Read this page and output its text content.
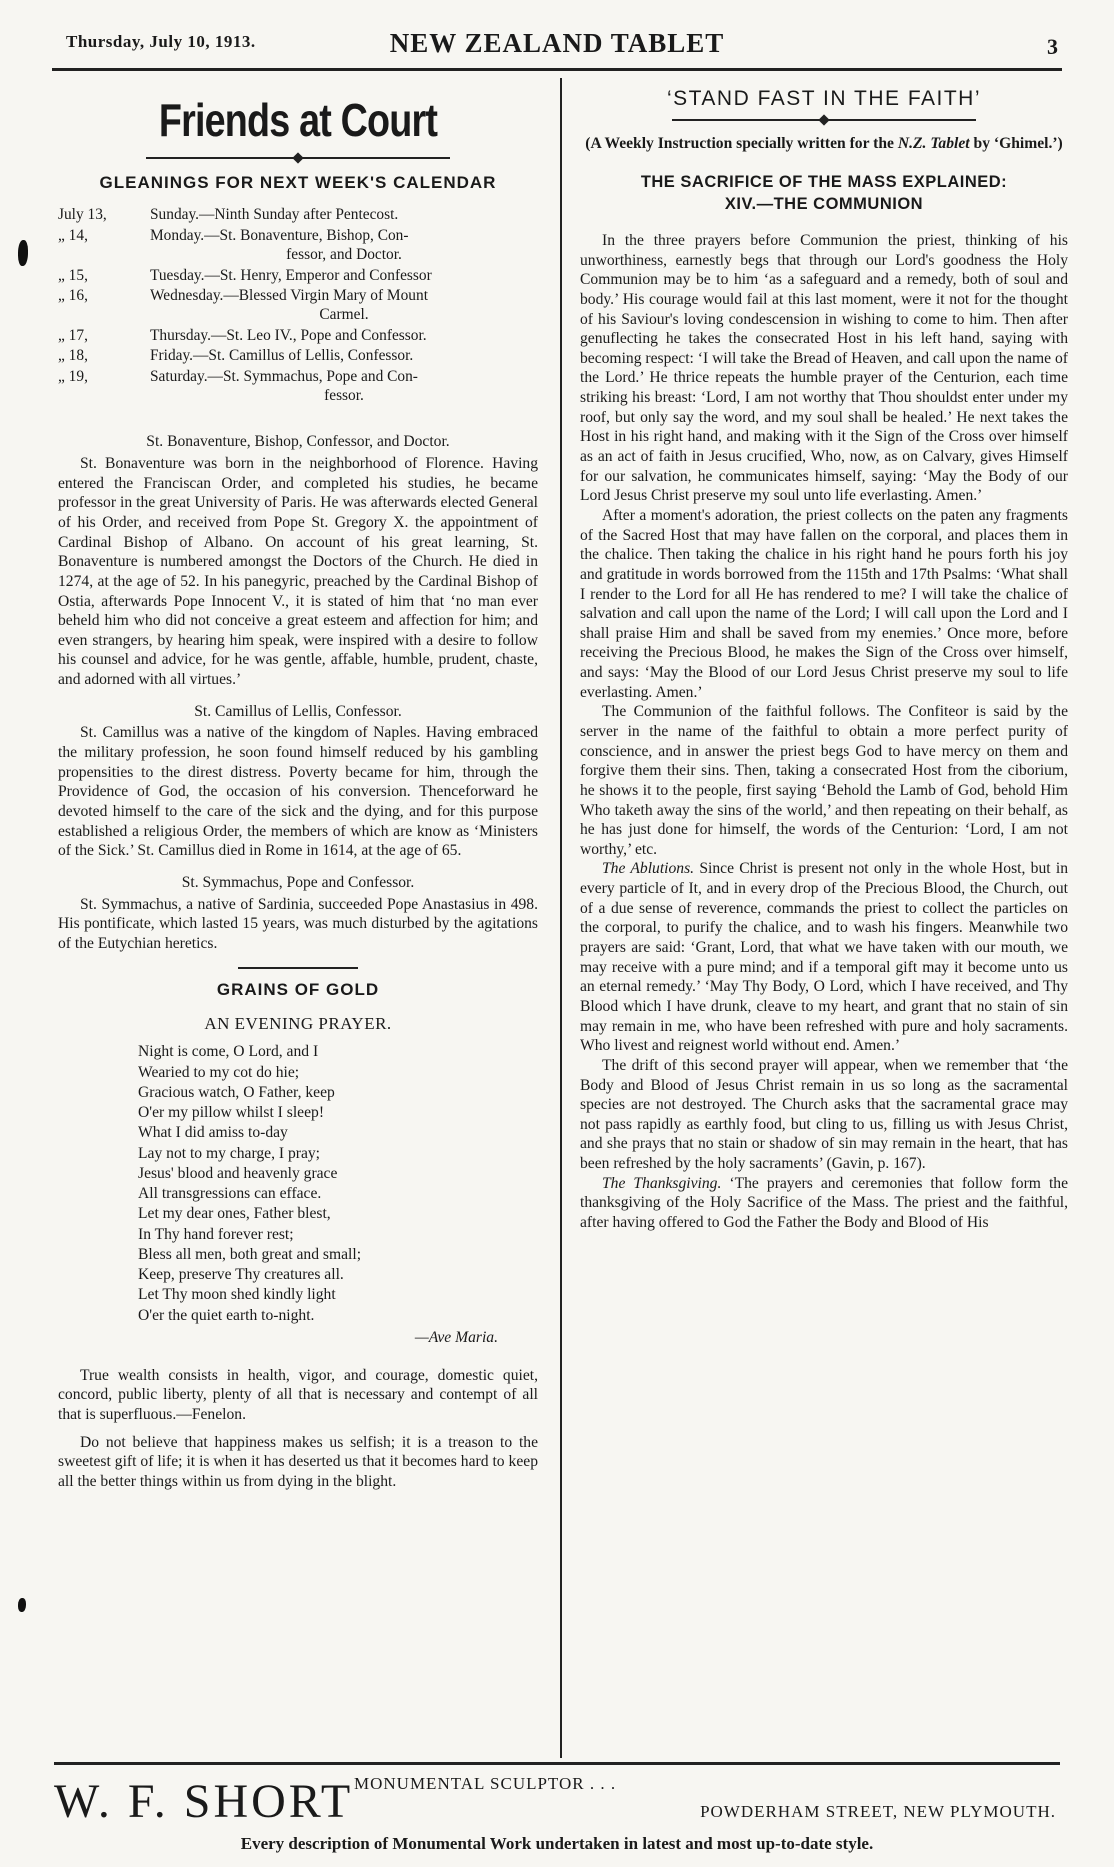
Thursday, July 10, 1913.	NEW ZEALAND TABLET	3
Friends at Court
GLEANINGS FOR NEXT WEEK'S CALENDAR
July 13,	Sunday.—Ninth Sunday after Pentecost.
„ 14,	Monday.—St. Bonaventure, Bishop, Con-
fessor, and Doctor.
„ 15,	Tuesday.—St. Henry, Emperor and Confessor
„ 16,	Wednesday.—Blessed Virgin Mary of Mount
Carmel.
„ 17,	Thursday.—St. Leo IV., Pope and Confessor.
„ 18,	Friday.—St. Camillus of Lellis, Confessor.
„ 19,	Saturday.—St. Symmachus, Pope and Con-
fessor.
St. Bonaventure, Bishop, Confessor, and Doctor.

St. Bonaventure was born in the neighborhood of Florence. Having entered the Franciscan Order, and completed his studies, he became professor in the great University of Paris. He was afterwards elected General of his Order, and received from Pope St. Gregory X. the appointment of Cardinal Bishop of Albano. On account of his great learning, St. Bonaventure is numbered amongst the Doctors of the Church. He died in 1274, at the age of 52. In his panegyric, preached by the Cardinal Bishop of Ostia, afterwards Pope Innocent V., it is stated of him that ‘no man ever beheld him who did not conceive a great esteem and affection for him; and even strangers, by hearing him speak, were inspired with a desire to follow his counsel and advice, for he was gentle, affable, humble, prudent, chaste, and adorned with all virtues.’

St. Camillus of Lellis, Confessor.

St. Camillus was a native of the kingdom of Naples. Having embraced the military profession, he soon found himself reduced by his gambling propensities to the direst distress. Poverty became for him, through the Providence of God, the occasion of his conversion. Thenceforward he devoted himself to the care of the sick and the dying, and for this purpose established a religious Order, the members of which are know as ‘Ministers of the Sick.’ St. Camillus died in Rome in 1614, at the age of 65.

St. Symmachus, Pope and Confessor.

St. Symmachus, a native of Sardinia, succeeded Pope Anastasius in 498. His pontificate, which lasted 15 years, was much disturbed by the agitations of the Eutychian heretics.

GRAINS OF GOLD
AN EVENING PRAYER.
Night is come, O Lord, and I
Wearied to my cot do hie;
Gracious watch, O Father, keep
O'er my pillow whilst I sleep!
What I did amiss to-day
Lay not to my charge, I pray;
Jesus' blood and heavenly grace
All transgressions can efface.
Let my dear ones, Father blest,
In Thy hand forever rest;
Bless all men, both great and small;
Keep, preserve Thy creatures all.
Let Thy moon shed kindly light
O'er the quiet earth to-night.
—Ave Maria.

True wealth consists in health, vigor, and courage, domestic quiet, concord, public liberty, plenty of all that is necessary and contempt of all that is superfluous.—Fenelon.

Do not believe that happiness makes us selfish; it is a treason to the sweetest gift of life; it is when it has deserted us that it becomes hard to keep all the better things within us from dying in the blight.

‘STAND FAST IN THE FAITH’
(A Weekly Instruction specially written for the N.Z. Tablet by ‘Ghimel.’)
THE SACRIFICE OF THE MASS EXPLAINED:
XIV.—THE COMMUNION

In the three prayers before Communion the priest, thinking of his unworthiness, earnestly begs that through our Lord's goodness the Holy Communion may be to him ‘as a safeguard and a remedy, both of soul and body.’ His courage would fail at this last moment, were it not for the thought of his Saviour's loving condescension in wishing to come to him. Then after genuflecting he takes the consecrated Host in his left hand, saying with becoming respect: ‘I will take the Bread of Heaven, and call upon the name of the Lord.’ He thrice repeats the humble prayer of the Centurion, each time striking his breast: ‘Lord, I am not worthy that Thou shouldst enter under my roof, but only say the word, and my soul shall be healed.’ He next takes the Host in his right hand, and making with it the Sign of the Cross over himself as an act of faith in Jesus crucified, Who, now, as on Calvary, gives Himself for our salvation, he communicates himself, saying: ‘May the Body of our Lord Jesus Christ preserve my soul unto life everlasting. Amen.’

After a moment's adoration, the priest collects on the paten any fragments of the Sacred Host that may have fallen on the corporal, and places them in the chalice. Then taking the chalice in his right hand he pours forth his joy and gratitude in words borrowed from the 115th and 17th Psalms: ‘What shall I render to the Lord for all He has rendered to me? I will take the chalice of salvation and call upon the name of the Lord; I will call upon the Lord and I shall praise Him and shall be saved from my enemies.’ Once more, before receiving the Precious Blood, he makes the Sign of the Cross over himself, and says: ‘May the Blood of our Lord Jesus Christ preserve my soul to life everlasting. Amen.’

The Communion of the faithful follows. The Confiteor is said by the server in the name of the faithful to obtain a more perfect purity of conscience, and in answer the priest begs God to have mercy on them and forgive them their sins. Then, taking a consecrated Host from the ciborium, he shows it to the people, first saying ‘Behold the Lamb of God, behold Him Who taketh away the sins of the world,’ and then repeating on their behalf, as he has just done for himself, the words of the Centurion: ‘Lord, I am not worthy,’ etc.

The Ablutions. Since Christ is present not only in the whole Host, but in every particle of It, and in every drop of the Precious Blood, the Church, out of a due sense of reverence, commands the priest to collect the particles on the corporal, to purify the chalice, and to wash his fingers. Meanwhile two prayers are said: ‘Grant, Lord, that what we have taken with our mouth, we may receive with a pure mind; and if a temporal gift may it become unto us an eternal remedy.’ ‘May Thy Body, O Lord, which I have received, and Thy Blood which I have drunk, cleave to my heart, and grant that no stain of sin may remain in me, who have been refreshed with pure and holy sacraments. Who livest and reignest world without end. Amen.’

The drift of this second prayer will appear, when we remember that ‘the Body and Blood of Jesus Christ remain in us so long as the sacramental species are not destroyed. The Church asks that the sacramental grace may not pass rapidly as earthly food, but cling to us, filling us with Jesus Christ, and she prays that no stain or shadow of sin may remain in the heart, that has been refreshed by the holy sacraments’ (Gavin, p. 167).

The Thanksgiving. ‘The prayers and ceremonies that follow form the thanksgiving of the Holy Sacrifice of the Mass. The priest and the faithful, after having offered to God the Father the Body and Blood of His

W. F. SHORT MONUMENTAL SCULPTOR . . .
POWDERHAM STREET, NEW PLYMOUTH.
Every description of Monumental Work undertaken in latest and most up-to-date style.
